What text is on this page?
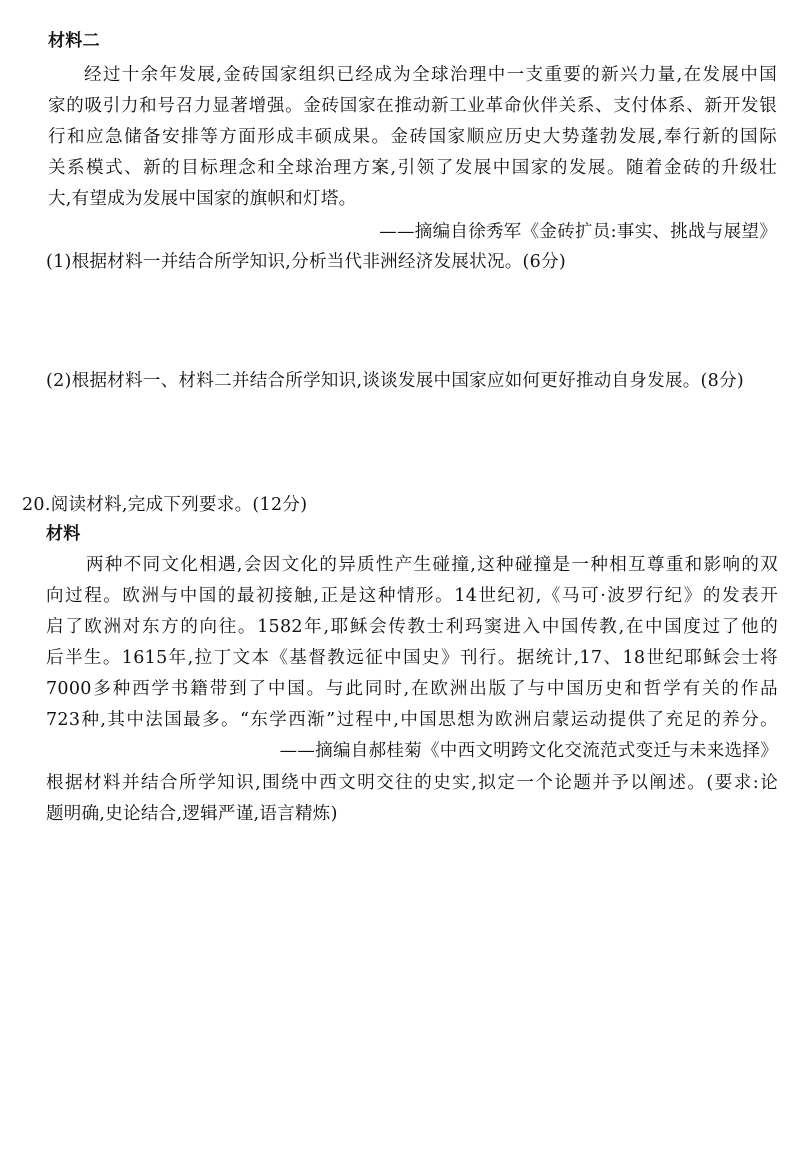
材料二
经过十余年发展,金砖国家组织已经成为全球治理中一支重要的新兴力量,在发展中国
家的吸引力和号召力显著增强。金砖国家在推动新工业革命伙伴关系、支付体系、新开发银
行和应急储备安排等方面形成丰硕成果。金砖国家顺应历史大势蓬勃发展,奉行新的国际
关系模式、新的目标理念和全球治理方案,引领了发展中国家的发展。随着金砖的升级壮
大,有望成为发展中国家的旗帜和灯塔。
——摘编自徐秀军《金砖扩员:事实、挑战与展望》
(1)根据材料一并结合所学知识,分析当代非洲经济发展状况。(6分)
(2)根据材料一、材料二并结合所学知识,谈谈发展中国家应如何更好推动自身发展。(8分)
20.阅读材料,完成下列要求。(12分)
材料
两种不同文化相遇,会因文化的异质性产生碰撞,这种碰撞是一种相互尊重和影响的双
向过程。欧洲与中国的最初接触,正是这种情形。14世纪初,《马可·波罗行纪》的发表开
启了欧洲对东方的向往。1582年,耶稣会传教士利玛窦进入中国传教,在中国度过了他的
后半生。1615年,拉丁文本《基督教远征中国史》刊行。据统计,17、18世纪耶稣会士将
7000多种西学书籍带到了中国。与此同时,在欧洲出版了与中国历史和哲学有关的作品
723种,其中法国最多。“东学西渐”过程中,中国思想为欧洲启蒙运动提供了充足的养分。
——摘编自郝桂菊《中西文明跨文化交流范式变迁与未来选择》
根据材料并结合所学知识,围绕中西文明交往的史实,拟定一个论题并予以阐述。(要求:论
题明确,史论结合,逻辑严谨,语言精炼)
